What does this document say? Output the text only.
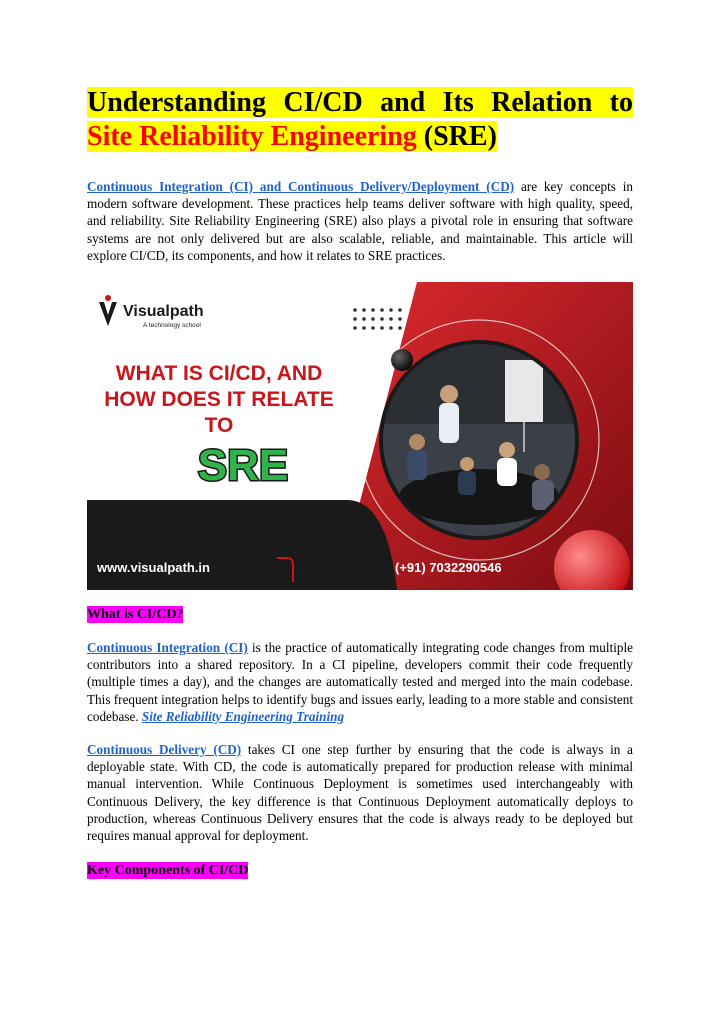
Understanding CI/CD and Its Relation to Site Reliability Engineering (SRE)

Continuous Integration (CI) and Continuous Delivery/Deployment (CD) are key concepts in modern software development. These practices help teams deliver software with high quality, speed, and reliability. Site Reliability Engineering (SRE) also plays a pivotal role in ensuring that software systems are not only delivered but are also scalable, reliable, and maintainable. This article will explore CI/CD, its components, and how it relates to SRE practices.

Visualpath
A technology school
WHAT IS CI/CD, AND
HOW DOES IT RELATE
TO
SRE
www.visualpath.in	(+91) 7032290546
What is CI/CD?

Continuous Integration (CI) is the practice of automatically integrating code changes from multiple contributors into a shared repository. In a CI pipeline, developers commit their code frequently (multiple times a day), and the changes are automatically tested and merged into the main codebase. This frequent integration helps to identify bugs and issues early, leading to a more stable and consistent codebase. Site Reliability Engineering Training

Continuous Delivery (CD) takes CI one step further by ensuring that the code is always in a deployable state. With CD, the code is automatically prepared for production release with minimal manual intervention. While Continuous Deployment is sometimes used interchangeably with Continuous Delivery, the key difference is that Continuous Deployment automatically deploys to production, whereas Continuous Delivery ensures that the code is always ready to be deployed but requires manual approval for deployment.

Key Components of CI/CD
